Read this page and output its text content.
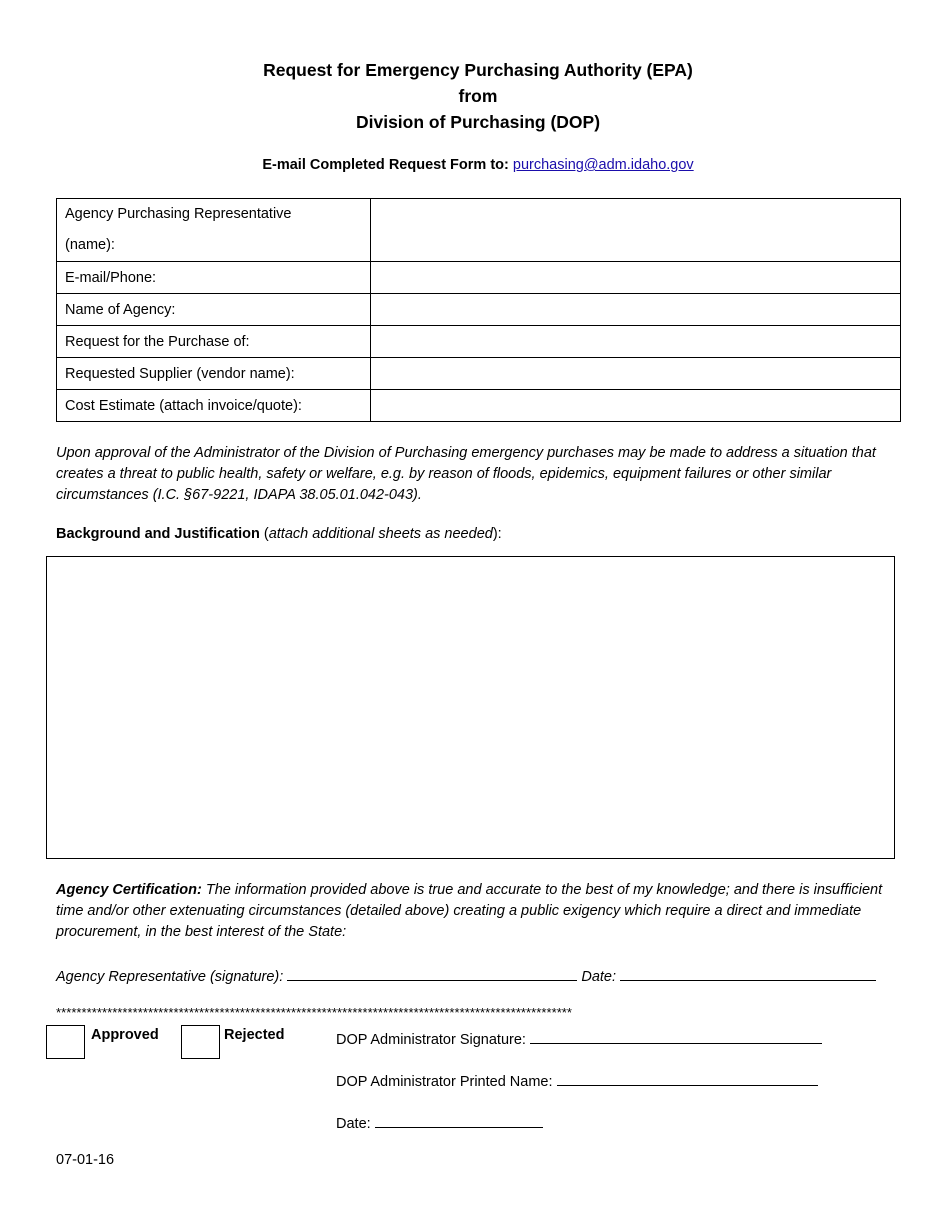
Request for Emergency Purchasing Authority (EPA)
from
Division of Purchasing (DOP)
E-mail Completed Request Form to: purchasing@adm.idaho.gov
Agency Purchasing Representative
(name):	

E-mail/Phone:	
Name of Agency:	
Request for the Purchase of:	
Requested Supplier (vendor name):	
Cost Estimate (attach invoice/quote):	
Upon approval of the Administrator of the Division of Purchasing emergency purchases may be made to address a situation that creates a threat to public health, safety or welfare, e.g. by reason of floods, epidemics, equipment failures or other similar circumstances (I.C. §67-9221, IDAPA 38.05.01.042-043).
Background and Justification (attach additional sheets as needed):
Agency Certification: The information provided above is true and accurate to the best of my knowledge; and there is insufficient time and/or other extenuating circumstances (detailed above) creating a public exigency which require a direct and immediate procurement, in the best interest of the State:
Agency Representative (signature):	Date:
*****************************************************************************************************
Approved	Rejected	DOP Administrator Signature:
DOP Administrator Printed Name:
Date:
07-01-16
